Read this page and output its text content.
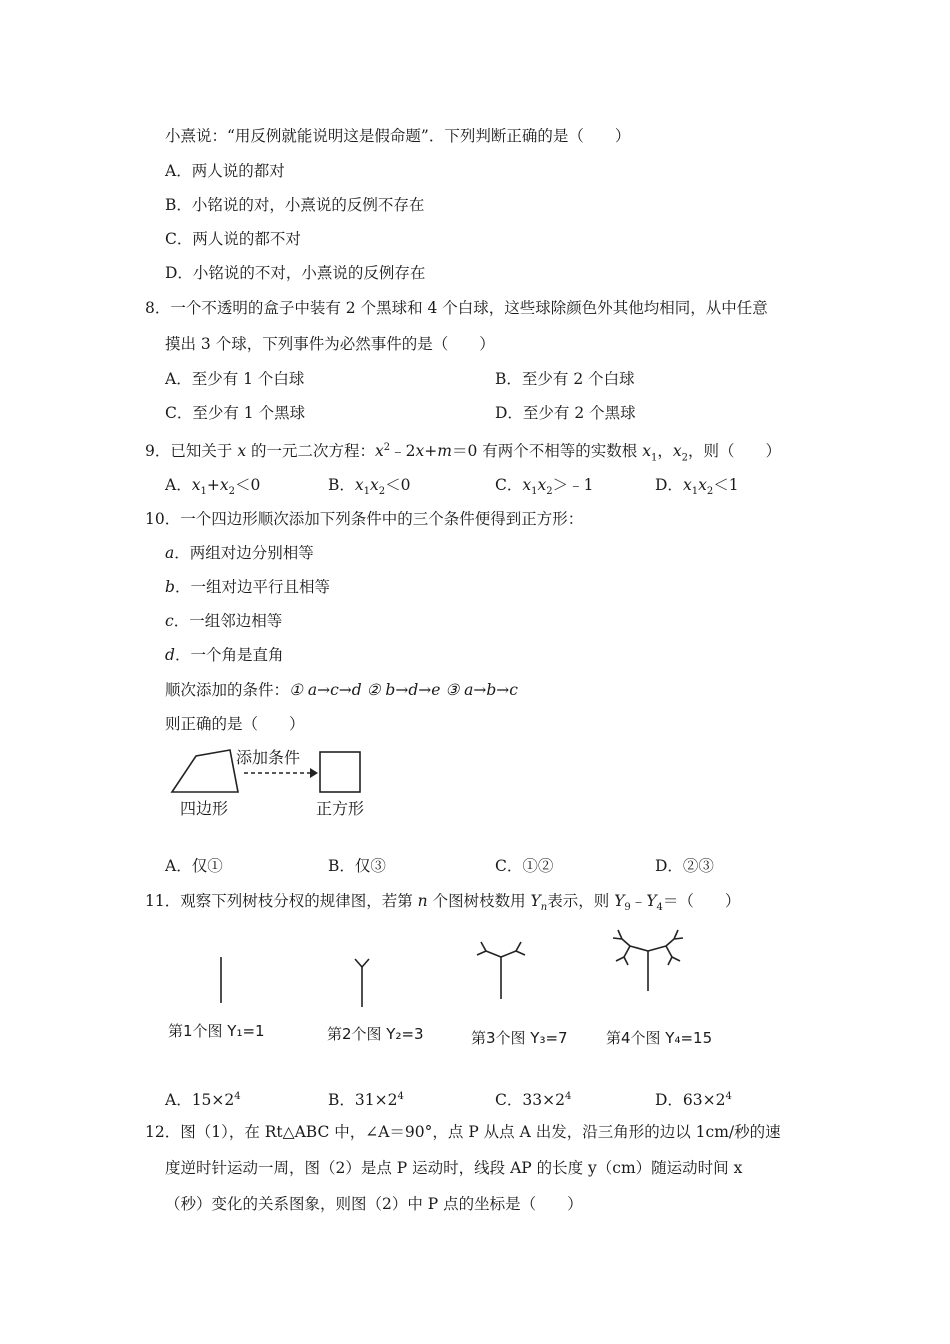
小熹说：“用反例就能说明这是假命题”．下列判断正确的是（　　）
A．两人说的都对
B．小铭说的对，小熹说的反例不存在
C．两人说的都不对
D．小铭说的不对，小熹说的反例存在
8．一个不透明的盒子中装有 2 个黑球和 4 个白球，这些球除颜色外其他均相同，从中任意
摸出 3 个球，下列事件为必然事件的是（　　）
A．至少有 1 个白球	B．至少有 2 个白球
C．至少有 1 个黑球	D．至少有 2 个黑球
9．已知关于 x 的一元二次方程：$x^2﹣2x+m=0$ 有两个不相等的实数根 $x_1$，$x_2$，则（　　）
A．$x_1+x_2<0$	B．$x_1x_2<0$	C．$x_1x_2>﹣1$	D．$x_1x_2<1$
10．一个四边形顺次添加下列条件中的三个条件便得到正方形：
a．两组对边分别相等
b．一组对边平行且相等
c．一组邻边相等
d．一个角是直角
顺次添加的条件：① a→c→d ② b→d→e ③ a→b→c
则正确的是（　　）
添加条件
四边形	正方形
A．仅①	B．仅③	C．①②	D．②③
11．观察下列树枝分杈的规律图，若第 n 个图树枝数用 $Y_n$表示，则 $Y_9﹣Y_4=$（　　）
第1个图 Y₁=1	第2个图 Y₂=3	第3个图 Y₃=7	第4个图 Y₄=15
A．$15\times 2^4$	B．$31\times 2^4$	C．$33\times 2^4$	D．$63\times 2^4$
12．图（1），在 Rt△ABC 中，∠A＝90°，点 P 从点 A 出发，沿三角形的边以 1cm/秒的速
度逆时针运动一周，图（2）是点 P 运动时，线段 AP 的长度 y（cm）随运动时间 x
（秒）变化的关系图象，则图（2）中 P 点的坐标是（　　）
